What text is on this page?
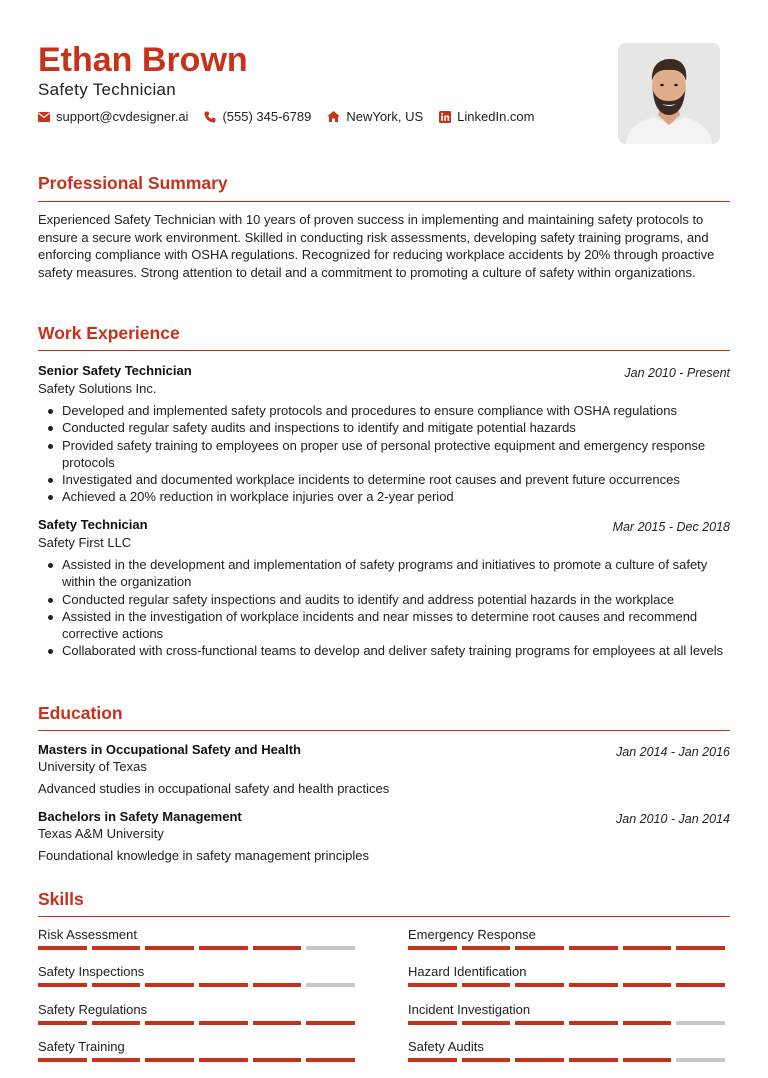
Ethan Brown
Safety Technician
support@cvdesigner.ai	(555) 345-6789	NewYork, US	LinkedIn.com
Professional Summary
Experienced Safety Technician with 10 years of proven success in implementing and maintaining safety protocols to ensure a secure work environment. Skilled in conducting risk assessments, developing safety training programs, and enforcing compliance with OSHA regulations. Recognized for reducing workplace accidents by 20% through proactive safety measures. Strong attention to detail and a commitment to promoting a culture of safety within organizations.
Work Experience
Senior Safety Technician	Jan 2010 - Present
Safety Solutions Inc.
Developed and implemented safety protocols and procedures to ensure compliance with OSHA regulations
Conducted regular safety audits and inspections to identify and mitigate potential hazards
Provided safety training to employees on proper use of personal protective equipment and emergency response protocols
Investigated and documented workplace incidents to determine root causes and prevent future occurrences
Achieved a 20% reduction in workplace injuries over a 2-year period
Safety Technician	Mar 2015 - Dec 2018
Safety First LLC
Assisted in the development and implementation of safety programs and initiatives to promote a culture of safety within the organization
Conducted regular safety inspections and audits to identify and address potential hazards in the workplace
Assisted in the investigation of workplace incidents and near misses to determine root causes and recommend corrective actions
Collaborated with cross-functional teams to develop and deliver safety training programs for employees at all levels
Education
Masters in Occupational Safety and Health	Jan 2014 - Jan 2016
University of Texas
Advanced studies in occupational safety and health practices
Bachelors in Safety Management	Jan 2010 - Jan 2014
Texas A&M University
Foundational knowledge in safety management principles
Skills
Risk Assessment	Emergency Response
Safety Inspections	Hazard Identification
Safety Regulations	Incident Investigation
Safety Training	Safety Audits
